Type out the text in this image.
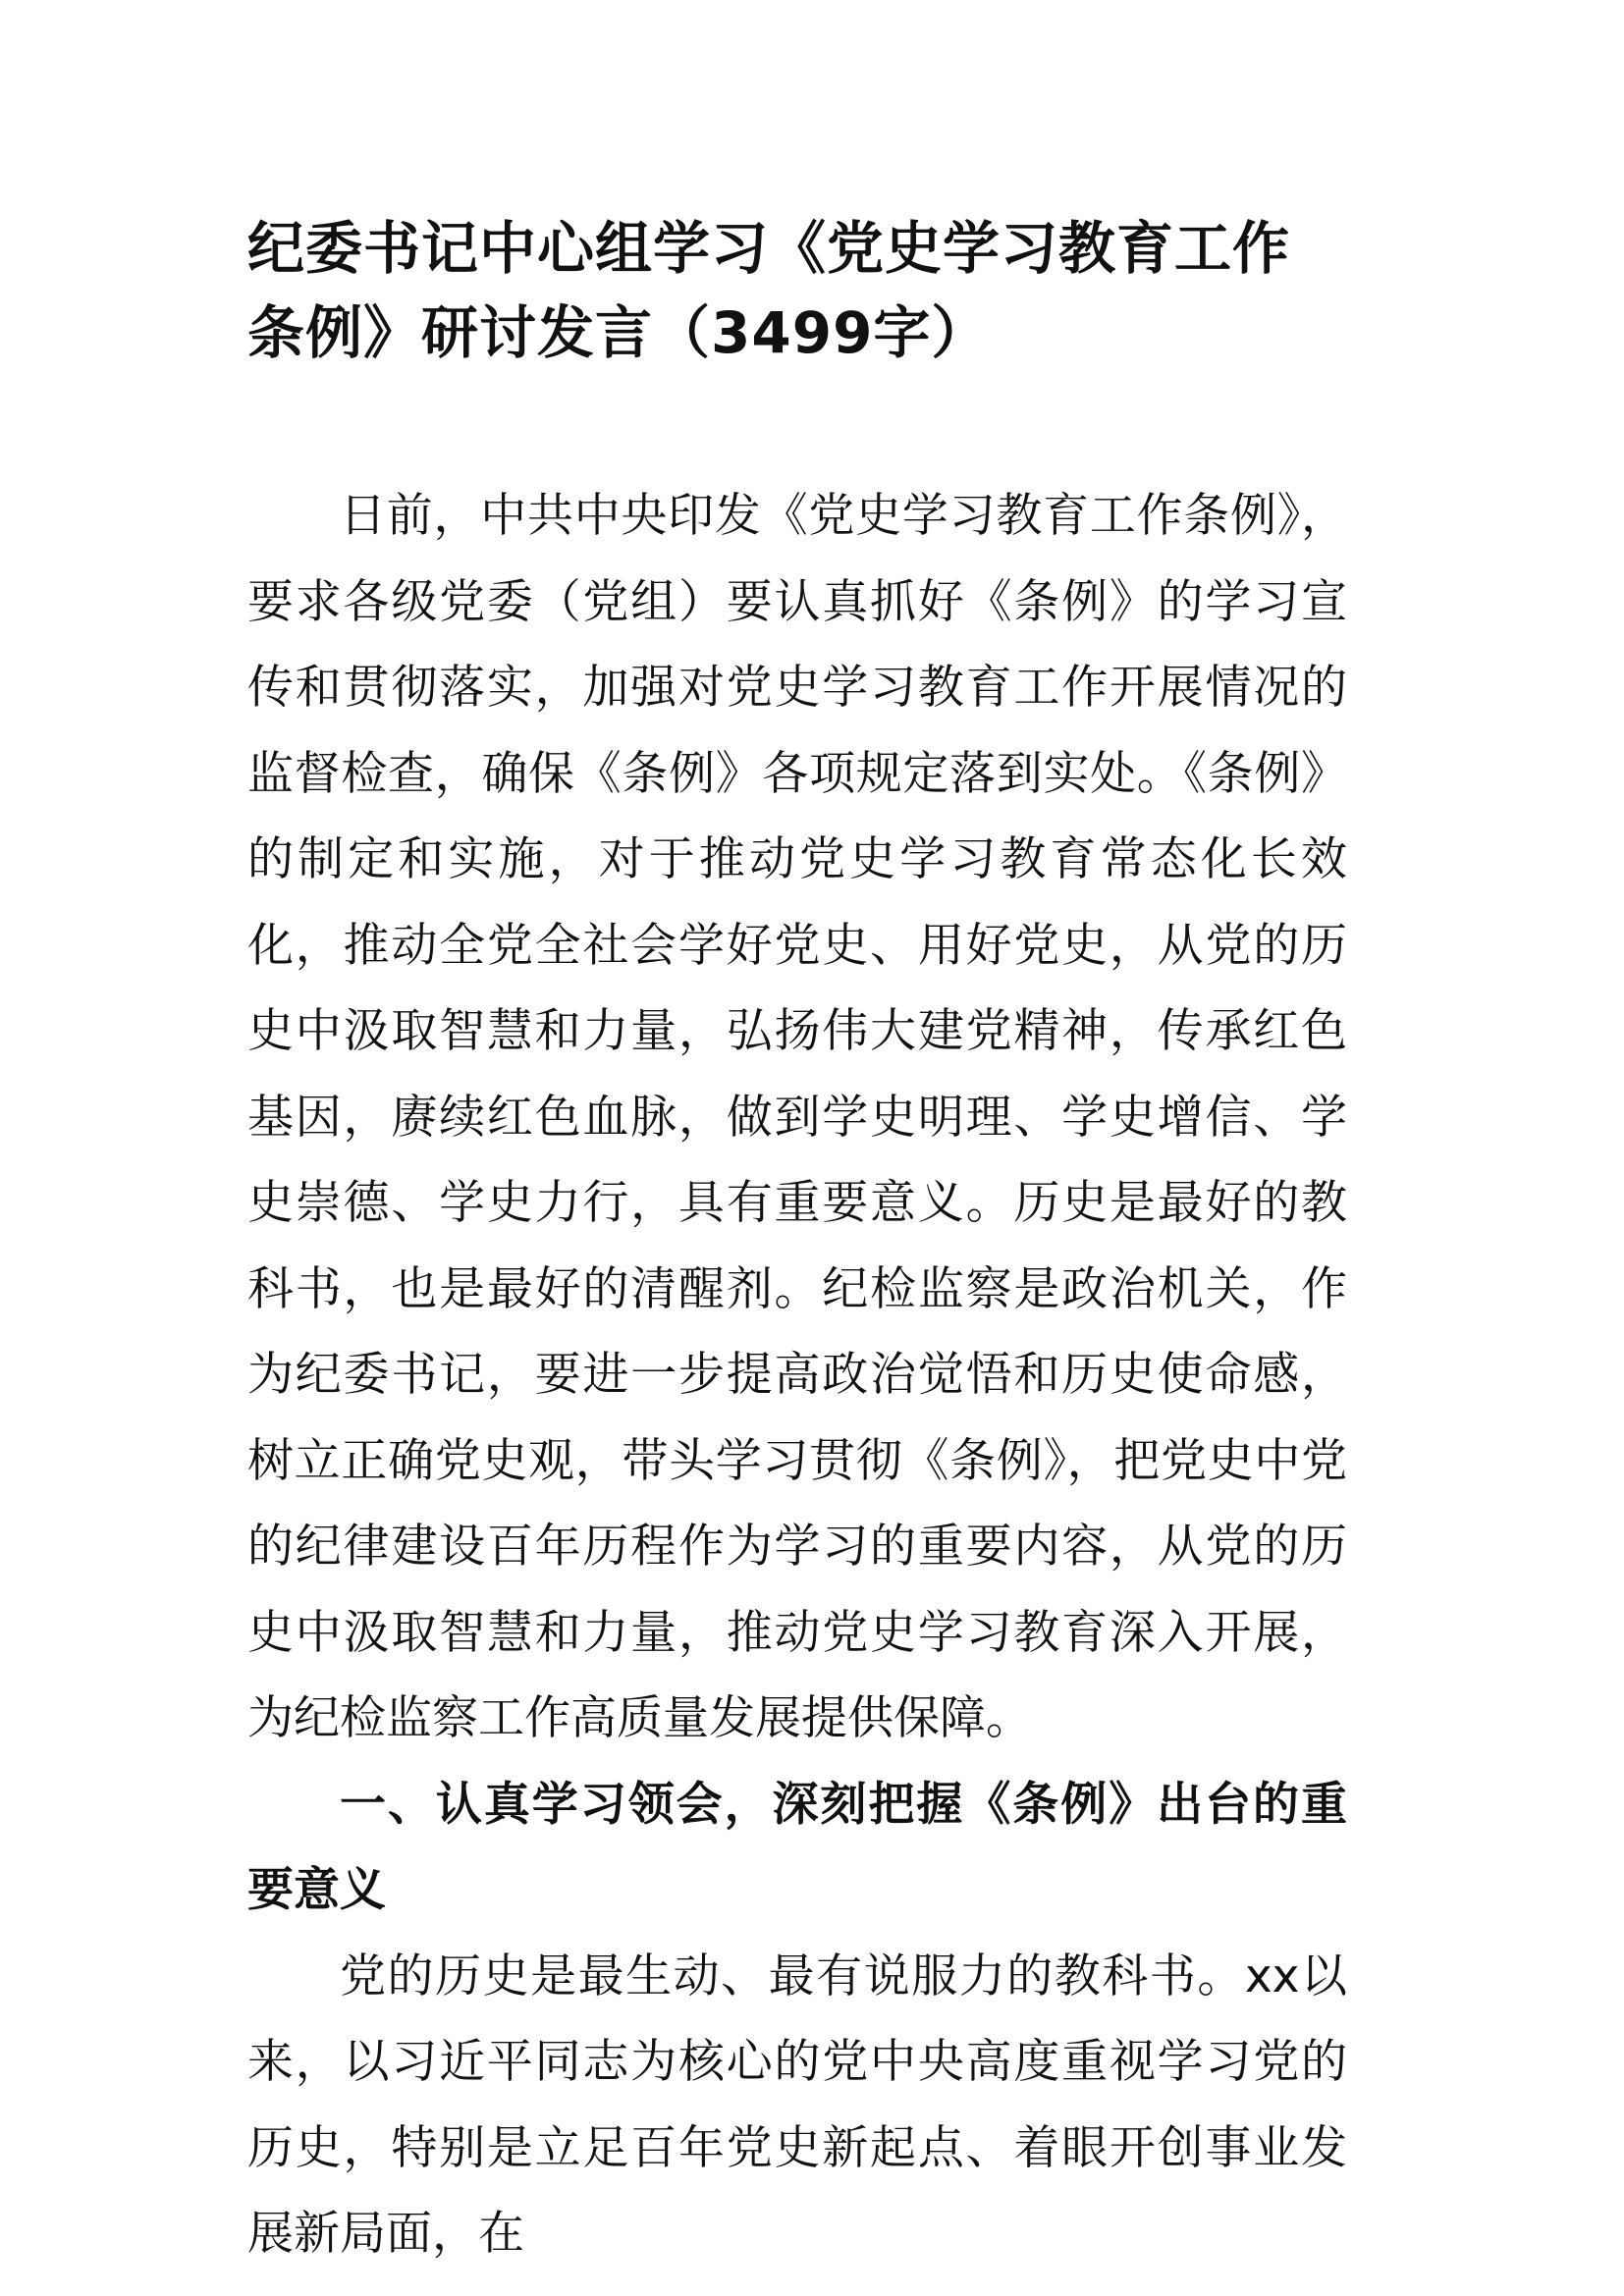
纪委书记中心组学习《党史学习教育工作
条例》研讨发言（3499字）

日前，中共中央印发《党史学习教育工作条例》，要求各级党委（党组）要认真抓好《条例》的学习宣传和贯彻落实，加强对党史学习教育工作开展情况的监督检查，确保《条例》各项规定落到实处。《条例》的制定和实施，对于推动党史学习教育常态化长效化，推动全党全社会学好党史、用好党史，从党的历史中汲取智慧和力量，弘扬伟大建党精神，传承红色基因，赓续红色血脉，做到学史明理、学史增信、学史崇德、学史力行，具有重要意义。历史是最好的教科书，也是最好的清醒剂。纪检监察是政治机关，作为纪委书记，要进一步提高政治觉悟和历史使命感，树立正确党史观，带头学习贯彻《条例》，把党史中党的纪律建设百年历程作为学习的重要内容，从党的历史中汲取智慧和力量，推动党史学习教育深入开展，为纪检监察工作高质量发展提供保障。

一、认真学习领会，深刻把握《条例》出台的重要意义

党的历史是最生动、最有说服力的教科书。xx以来，以习近平同志为核心的党中央高度重视学习党的历史，特别是立足百年党史新起点、着眼开创事业发展新局面，在
